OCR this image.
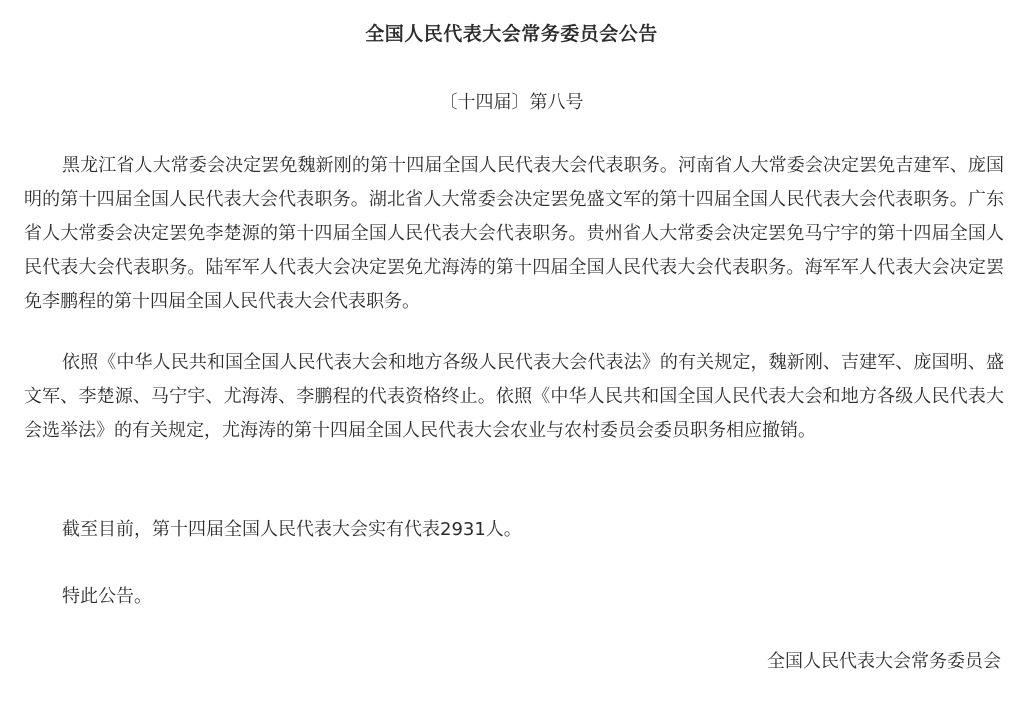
全国人民代表大会常务委员会公告
〔十四届〕第八号

黑龙江省人大常委会决定罢免魏新刚的第十四届全国人民代表大会代表职务。河南省人大常委会决定罢免吉建军、庞国明的第十四届全国人民代表大会代表职务。湖北省人大常委会决定罢免盛文军的第十四届全国人民代表大会代表职务。广东省人大常委会决定罢免李楚源的第十四届全国人民代表大会代表职务。贵州省人大常委会决定罢免马宁宇的第十四届全国人民代表大会代表职务。陆军军人代表大会决定罢免尤海涛的第十四届全国人民代表大会代表职务。海军军人代表大会决定罢免李鹏程的第十四届全国人民代表大会代表职务。

依照《中华人民共和国全国人民代表大会和地方各级人民代表大会代表法》的有关规定，魏新刚、吉建军、庞国明、盛文军、李楚源、马宁宇、尤海涛、李鹏程的代表资格终止。依照《中华人民共和国全国人民代表大会和地方各级人民代表大会选举法》的有关规定，尤海涛的第十四届全国人民代表大会农业与农村委员会委员职务相应撤销。

截至目前，第十四届全国人民代表大会实有代表2931人。

特此公告。

全国人民代表大会常务委员会
